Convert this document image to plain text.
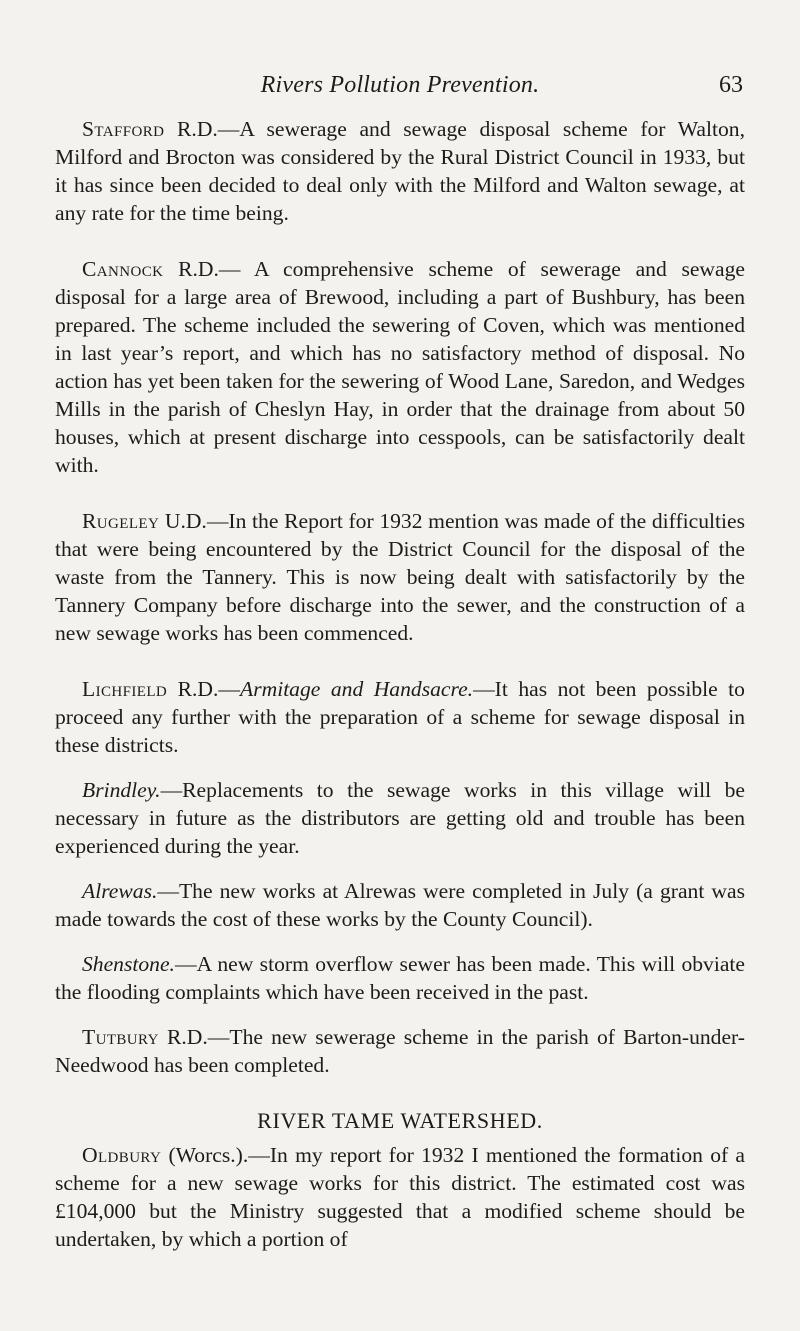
Rivers Pollution Prevention.	63

Stafford R.D.—A sewerage and sewage disposal scheme for Walton, Milford and Brocton was considered by the Rural District Council in 1933, but it has since been decided to deal only with the Milford and Walton sewage, at any rate for the time being.

Cannock R.D.— A comprehensive scheme of sewerage and sewage disposal for a large area of Brewood, including a part of Bushbury, has been prepared. The scheme included the sewering of Coven, which was mentioned in last year’s report, and which has no satisfactory method of disposal. No action has yet been taken for the sewering of Wood Lane, Saredon, and Wedges Mills in the parish of Cheslyn Hay, in order that the drainage from about 50 houses, which at present discharge into cesspools, can be satisfactorily dealt with.

Rugeley U.D.—In the Report for 1932 mention was made of the difficulties that were being encountered by the District Council for the disposal of the waste from the Tannery. This is now being dealt with satisfactorily by the Tannery Company before discharge into the sewer, and the construction of a new sewage works has been commenced.

Lichfield R.D.—Armitage and Handsacre.—It has not been possible to proceed any further with the preparation of a scheme for sewage disposal in these districts.

Brindley.—Replacements to the sewage works in this village will be necessary in future as the distributors are getting old and trouble has been experienced during the year.

Alrewas.—The new works at Alrewas were completed in July (a grant was made towards the cost of these works by the County Council).

Shenstone.—A new storm overflow sewer has been made. This will obviate the flooding complaints which have been received in the past.

Tutbury R.D.—The new sewerage scheme in the parish of Barton-under-Needwood has been completed.

RIVER TAME WATERSHED.

Oldbury (Worcs.).—In my report for 1932 I mentioned the formation of a scheme for a new sewage works for this district. The estimated cost was £104,000 but the Ministry suggested that a modified scheme should be undertaken, by which a portion of
